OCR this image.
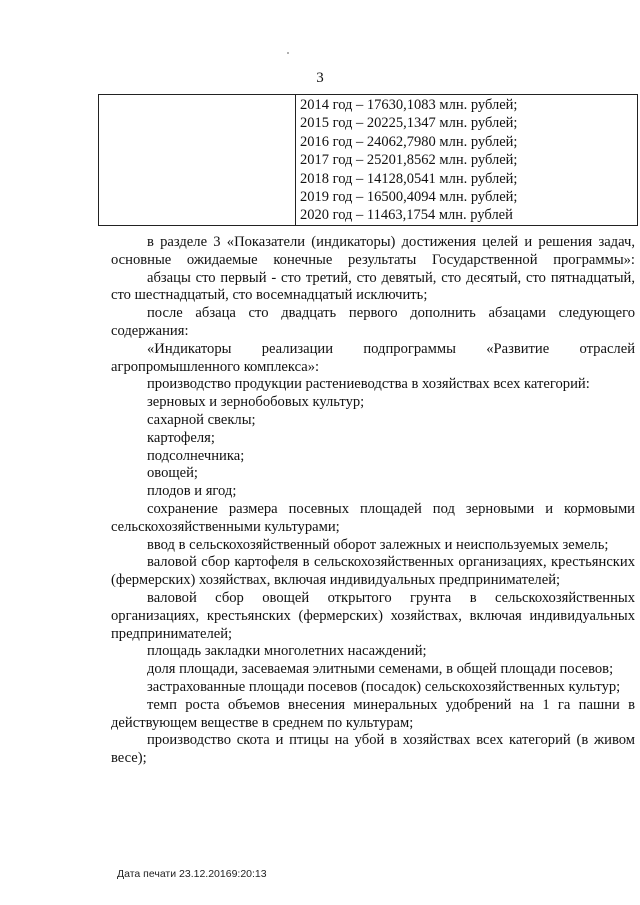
3

2014 год – 17630,1083 млн. рублей;
2015 год – 20225,1347 млн. рублей;
2016 год – 24062,7980 млн. рублей;
2017 год – 25201,8562 млн. рублей;
2018 год – 14128,0541 млн. рублей;
2019 год – 16500,4094 млн. рублей;
2020 год – 11463,1754 млн. рублей

в разделе 3 «Показатели (индикаторы) достижения целей и решения задач, основные ожидаемые конечные результаты Государственной программы»:

абзацы сто первый - сто третий, сто девятый, сто десятый, сто пятнадцатый, сто шестнадцатый, сто восемнадцатый исключить;

после абзаца сто двадцать первого дополнить абзацами следующего содержания:

«Индикаторы реализации подпрограммы «Развитие отраслей агропромышленного комплекса»:

производство продукции растениеводства в хозяйствах всех категорий:

зерновых и зернобобовых культур;

сахарной свеклы;

картофеля;

подсолнечника;

овощей;

плодов и ягод;

сохранение размера посевных площадей под зерновыми и кормовыми сельскохозяйственными культурами;

ввод в сельскохозяйственный оборот залежных и неиспользуемых земель;

валовой сбор картофеля в сельскохозяйственных организациях, крестьянских (фермерских) хозяйствах, включая индивидуальных предпринимателей;

валовой сбор овощей открытого грунта в сельскохозяйственных организациях, крестьянских (фермерских) хозяйствах, включая индивидуальных предпринимателей;

площадь закладки многолетних насаждений;

доля площади, засеваемая элитными семенами, в общей площади посевов;

застрахованные площади посевов (посадок) сельскохозяйственных культур;

темп роста объемов внесения минеральных удобрений на 1 га пашни в действующем веществе в среднем по культурам;

производство скота и птицы на убой в хозяйствах всех категорий (в живом весе);

Дата печати 23.12.20169:20:13
